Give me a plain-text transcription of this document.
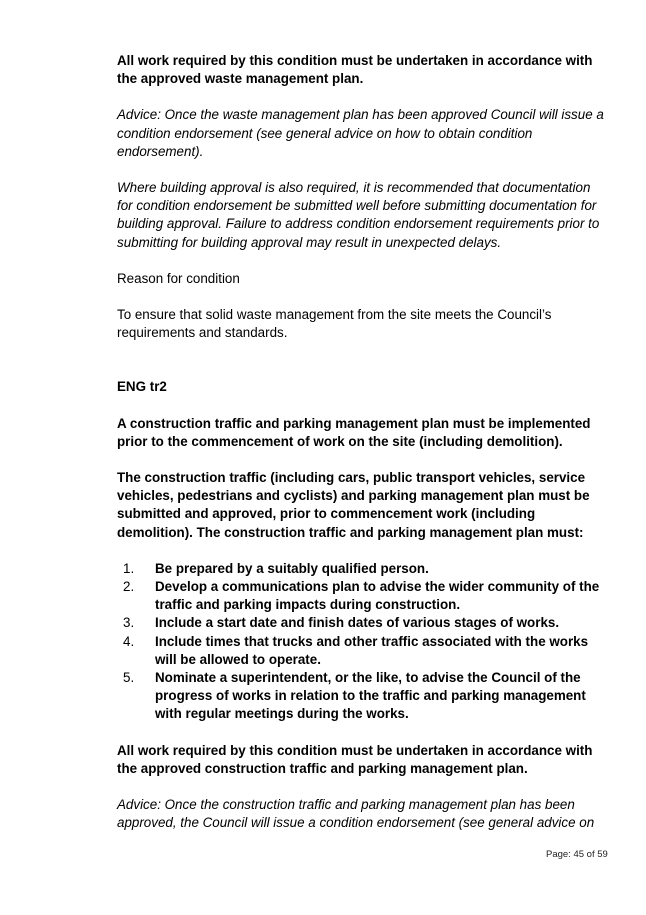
All work required by this condition must be undertaken in accordance with the approved waste management plan.

Advice: Once the waste management plan has been approved Council will issue a condition endorsement (see general advice on how to obtain condition endorsement).

Where building approval is also required, it is recommended that documentation for condition endorsement be submitted well before submitting documentation for building approval. Failure to address condition endorsement requirements prior to submitting for building approval may result in unexpected delays.

Reason for condition

To ensure that solid waste management from the site meets the Council’s requirements and standards.

ENG tr2

A construction traffic and parking management plan must be implemented prior to the commencement of work on the site (including demolition).

The construction traffic (including cars, public transport vehicles, service vehicles, pedestrians and cyclists) and parking management plan must be submitted and approved, prior to commencement work (including demolition). The construction traffic and parking management plan must:

1. Be prepared by a suitably qualified person.
2. Develop a communications plan to advise the wider community of the traffic and parking impacts during construction.
3. Include a start date and finish dates of various stages of works.
4. Include times that trucks and other traffic associated with the works will be allowed to operate.
5. Nominate a superintendent, or the like, to advise the Council of the progress of works in relation to the traffic and parking management with regular meetings during the works.

All work required by this condition must be undertaken in accordance with the approved construction traffic and parking management plan.

Advice: Once the construction traffic and parking management plan has been approved, the Council will issue a condition endorsement (see general advice on

Page: 45 of 59
